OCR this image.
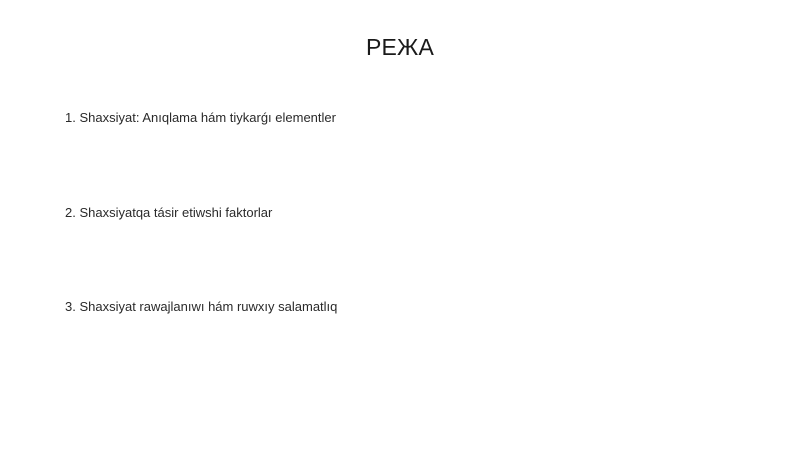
РЕЖА
1. Shaxsiyat: Anıqlama hám tiykarǵı elementler
2. Shaxsiyatqa tásir etiwshi faktorlar
3. Shaxsiyat rawajlanıwı hám ruwxıy salamatlıq
